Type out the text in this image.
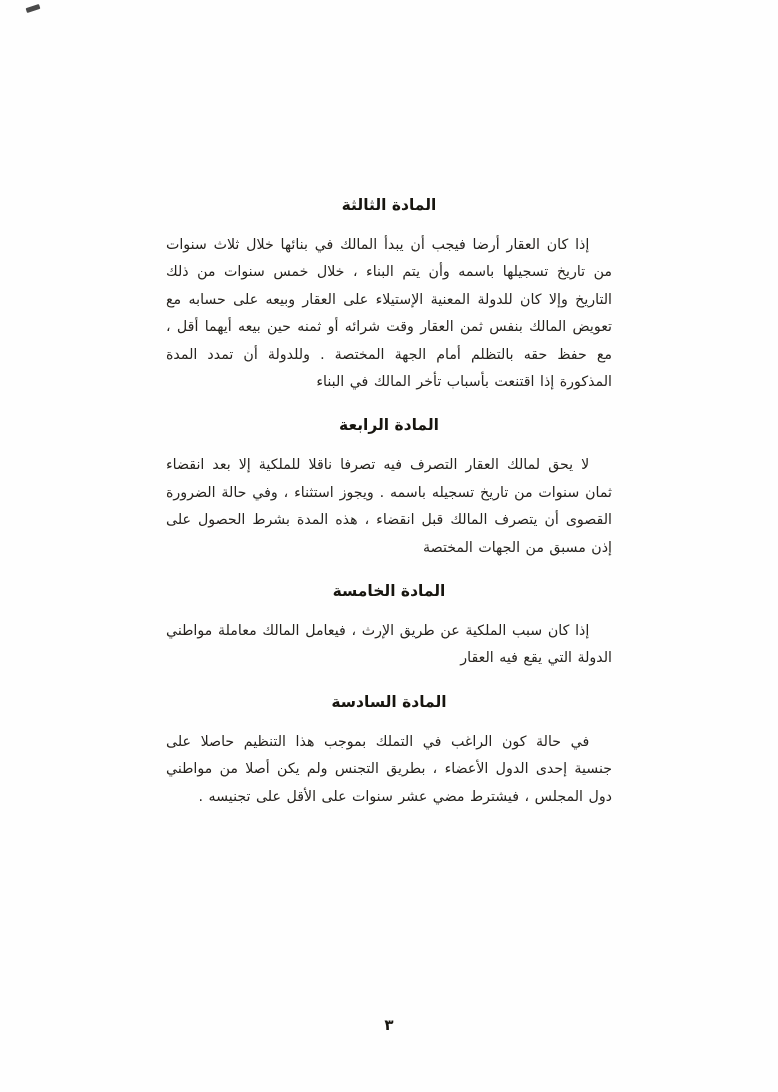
المادة الثالثة

إذا كان العقار أرضا فيجب أن يبدأ المالك في بنائها خلال ثلاث سنوات من تاريخ تسجيلها باسمه وأن يتم البناء ، خلال خمس سنوات من ذلك التاريخ وإلا كان للدولة المعنية الإستيلاء على العقار وبيعه على حسابه مع تعويض المالك بنفس ثمن العقار وقت شرائه أو ثمنه حين بيعه أيهما أقل ، مع حفظ حقه بالتظلم أمام الجهة المختصة . وللدولة أن تمدد المدة المذكورة إذا اقتنعت بأسباب تأخر المالك في البناء

المادة الرابعة

لا يحق لمالك العقار التصرف فيه تصرفا ناقلا للملكية إلا بعد انقضاء ثمان سنوات من تاريخ تسجيله باسمه . ويجوز استثناء ، وفي حالة الضرورة القصوى أن يتصرف المالك قبل انقضاء ، هذه المدة بشرط الحصول على إذن مسبق من الجهات المختصة

المادة الخامسة

إذا كان سبب الملكية عن طريق الإرث ، فيعامل المالك معاملة مواطني الدولة التي يقع فيه العقار

المادة السادسة

في حالة كون الراغب في التملك بموجب هذا التنظيم حاصلا على جنسية إحدى الدول الأعضاء ، بطريق التجنس ولم يكن أصلا من مواطني دول المجلس ، فيشترط مضي عشر سنوات على الأقل على تجنيسه .

٣
